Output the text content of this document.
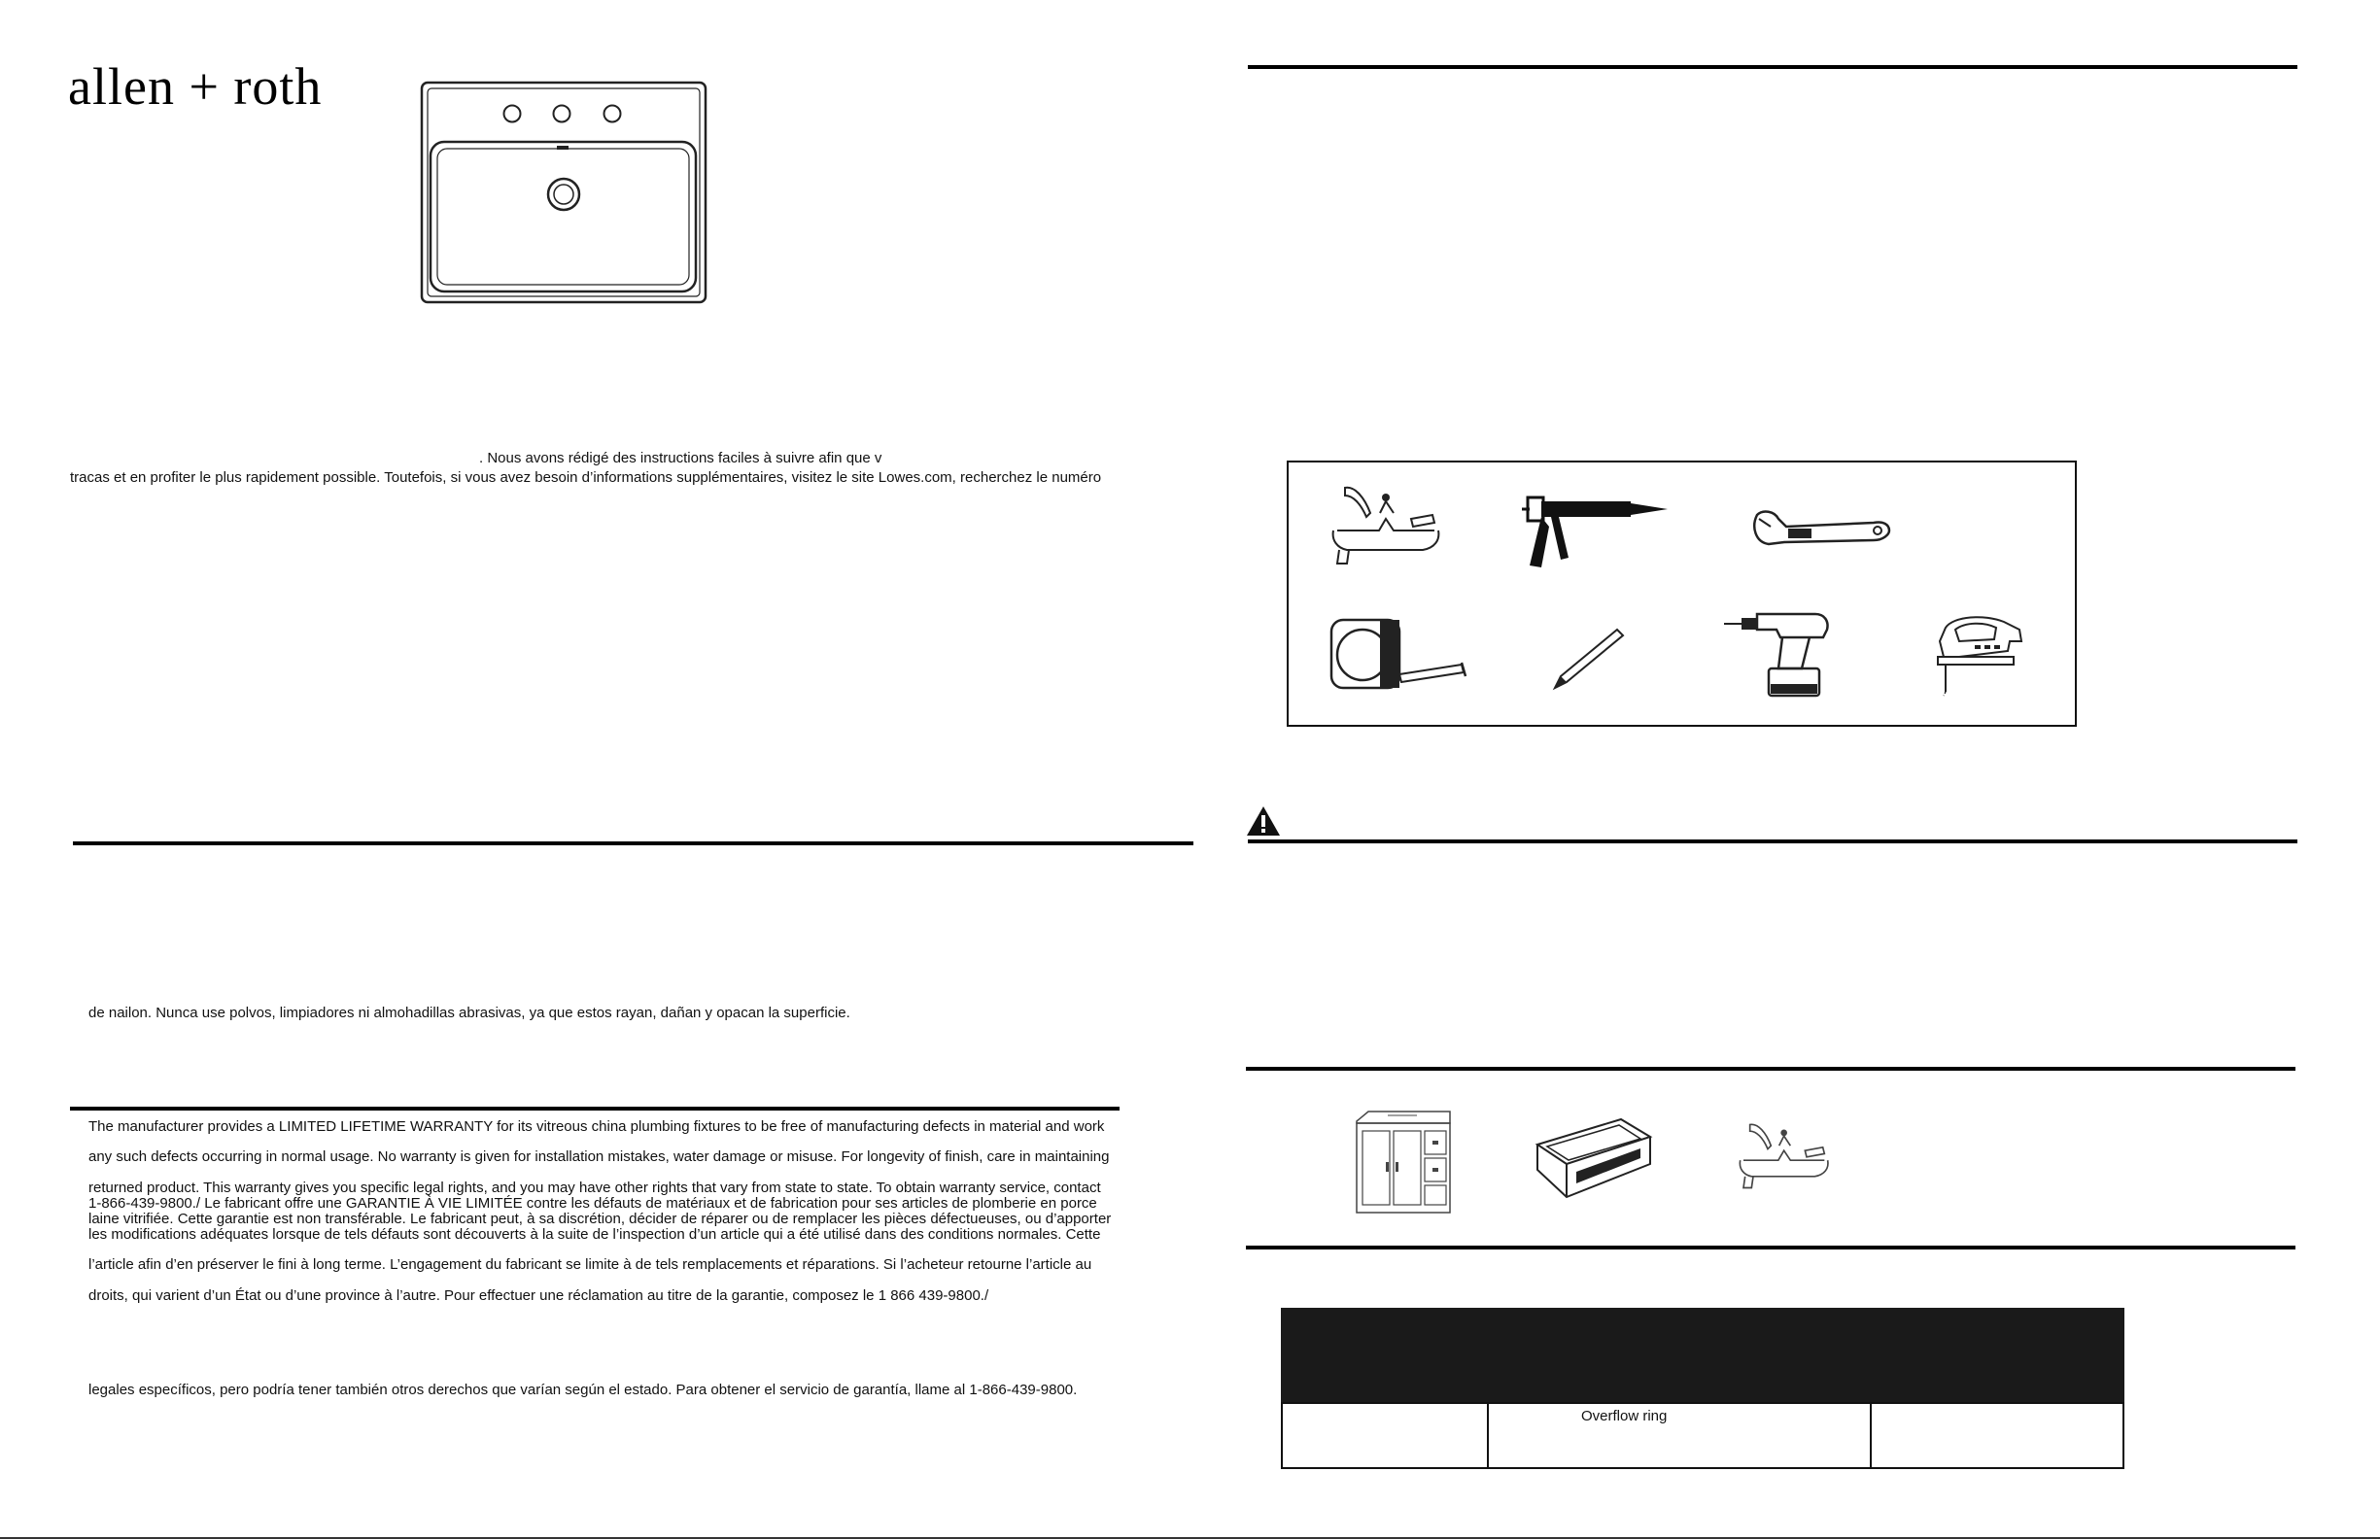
allen + roth
. Nous avons rédigé des instructions faciles à suivre afin que v
tracas et en profiter le plus rapidement possible. Toutefois, si vous avez besoin d’informations supplémentaires, visitez le site Lowes.com, recherchez le numéro
de nailon. Nunca use polvos, limpiadores ni almohadillas abrasivas, ya que estos rayan, dañan y opacan la superficie.
The manufacturer provides a LIMITED LIFETIME WARRANTY for its vitreous china plumbing fixtures to be free of manufacturing defects in material and work
any such defects occurring in normal usage. No warranty is given for installation mistakes, water damage or misuse. For longevity of finish, care in maintaining
returned product. This warranty gives you specific legal rights, and you may have other rights that vary from state to state. To obtain warranty service, contact
1-866-439-9800./ Le fabricant offre une GARANTIE À VIE LIMITÉE contre les défauts de matériaux et de fabrication pour ses articles de plomberie en porce
laine vitrifiée. Cette garantie est non transférable. Le fabricant peut, à sa discrétion, décider de réparer ou de remplacer les pièces défectueuses, ou d’apporter
les modifications adéquates lorsque de tels défauts sont découverts à la suite de l’inspection d’un article qui a été utilisé dans des conditions normales. Cette
l’article afin d’en préserver le fini à long terme. L’engagement du fabricant se limite à de tels remplacements et réparations. Si l’acheteur retourne l’article au
droits, qui varient d’un État ou d’une province à l’autre. Pour effectuer une réclamation au titre de la garantie, composez le 1 866 439-9800./
legales específicos, pero podría tener también otros derechos que varían según el estado. Para obtener el servicio de garantía, llame al 1-866-439-9800.
Overflow ring
